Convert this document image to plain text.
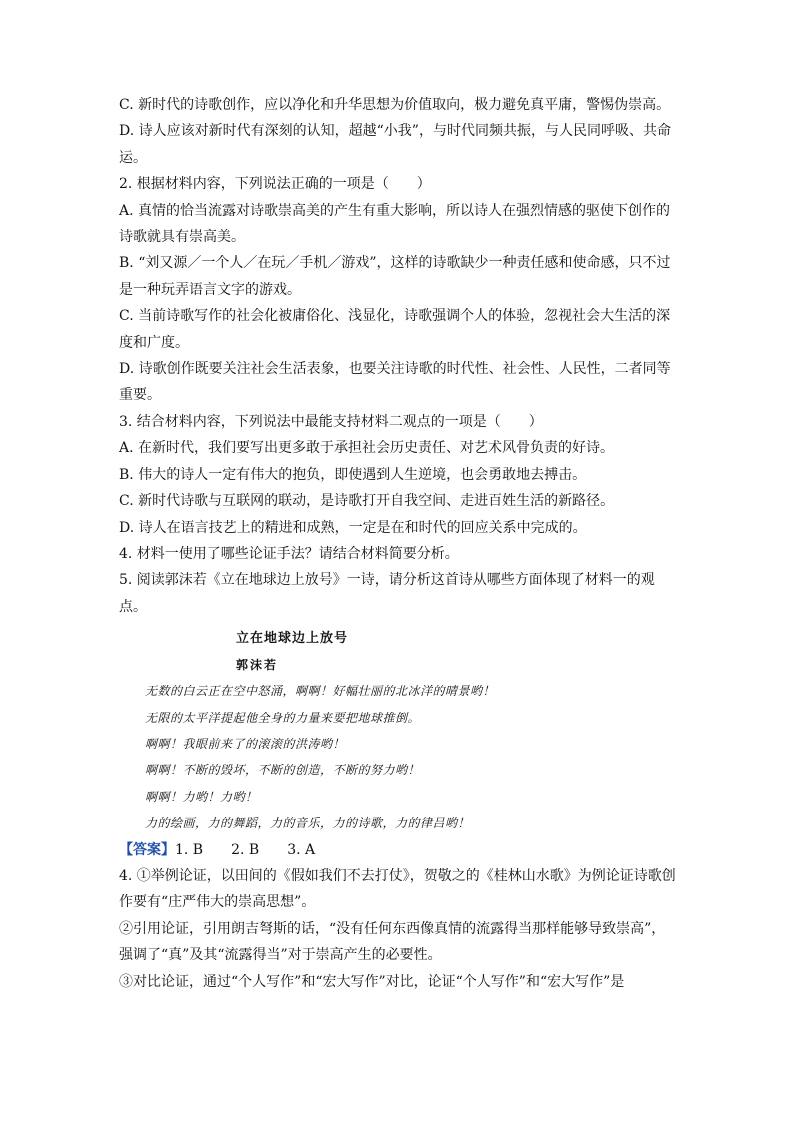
C. 新时代的诗歌创作，应以净化和升华思想为价值取向，极力避免真平庸，警惕伪崇高。

D. 诗人应该对新时代有深刻的认知，超越“小我”，与时代同频共振，与人民同呼吸、共命运。

2. 根据材料内容，下列说法正确的一项是（　　）

A. 真情的恰当流露对诗歌崇高美的产生有重大影响，所以诗人在强烈情感的驱使下创作的诗歌就具有崇高美。

B. “刘又源／一个人／在玩／手机／游戏”，这样的诗歌缺少一种责任感和使命感，只不过是一种玩弄语言文字的游戏。

C. 当前诗歌写作的社会化被庸俗化、浅显化，诗歌强调个人的体验，忽视社会大生活的深度和广度。

D. 诗歌创作既要关注社会生活表象，也要关注诗歌的时代性、社会性、人民性，二者同等重要。

3. 结合材料内容，下列说法中最能支持材料二观点的一项是（　　）

A. 在新时代，我们要写出更多敢于承担社会历史责任、对艺术风骨负责的好诗。

B. 伟大的诗人一定有伟大的抱负，即使遇到人生逆境，也会勇敢地去搏击。

C. 新时代诗歌与互联网的联动，是诗歌打开自我空间、走进百姓生活的新路径。

D. 诗人在语言技艺上的精进和成熟，一定是在和时代的回应关系中完成的。

4. 材料一使用了哪些论证手法？请结合材料简要分析。

5. 阅读郭沫若《立在地球边上放号》一诗，请分析这首诗从哪些方面体现了材料一的观点。

立在地球边上放号

郭沫若

无数的白云正在空中怒涌，啊啊！好幅壮丽的北冰洋的晴景哟！

无限的太平洋提起他全身的力量来要把地球推倒。

啊啊！我眼前来了的滚滚的洪涛哟！

啊啊！不断的毁坏，不断的创造，不断的努力哟！

啊啊！力哟！力哟！

力的绘画，力的舞蹈，力的音乐，力的诗歌，力的律吕哟！

【答案】1. B　　2. B　　3. A

4. ①举例论证，以田间的《假如我们不去打仗》，贺敬之的《桂林山水歌》为例论证诗歌创作要有“庄严伟大的崇高思想”。

②引用论证，引用朗吉弩斯的话，“没有任何东西像真情的流露得当那样能够导致崇高”，强调了“真”及其“流露得当”对于崇高产生的必要性。

③对比论证，通过“个人写作”和“宏大写作”对比，论证“个人写作”和“宏大写作”是
